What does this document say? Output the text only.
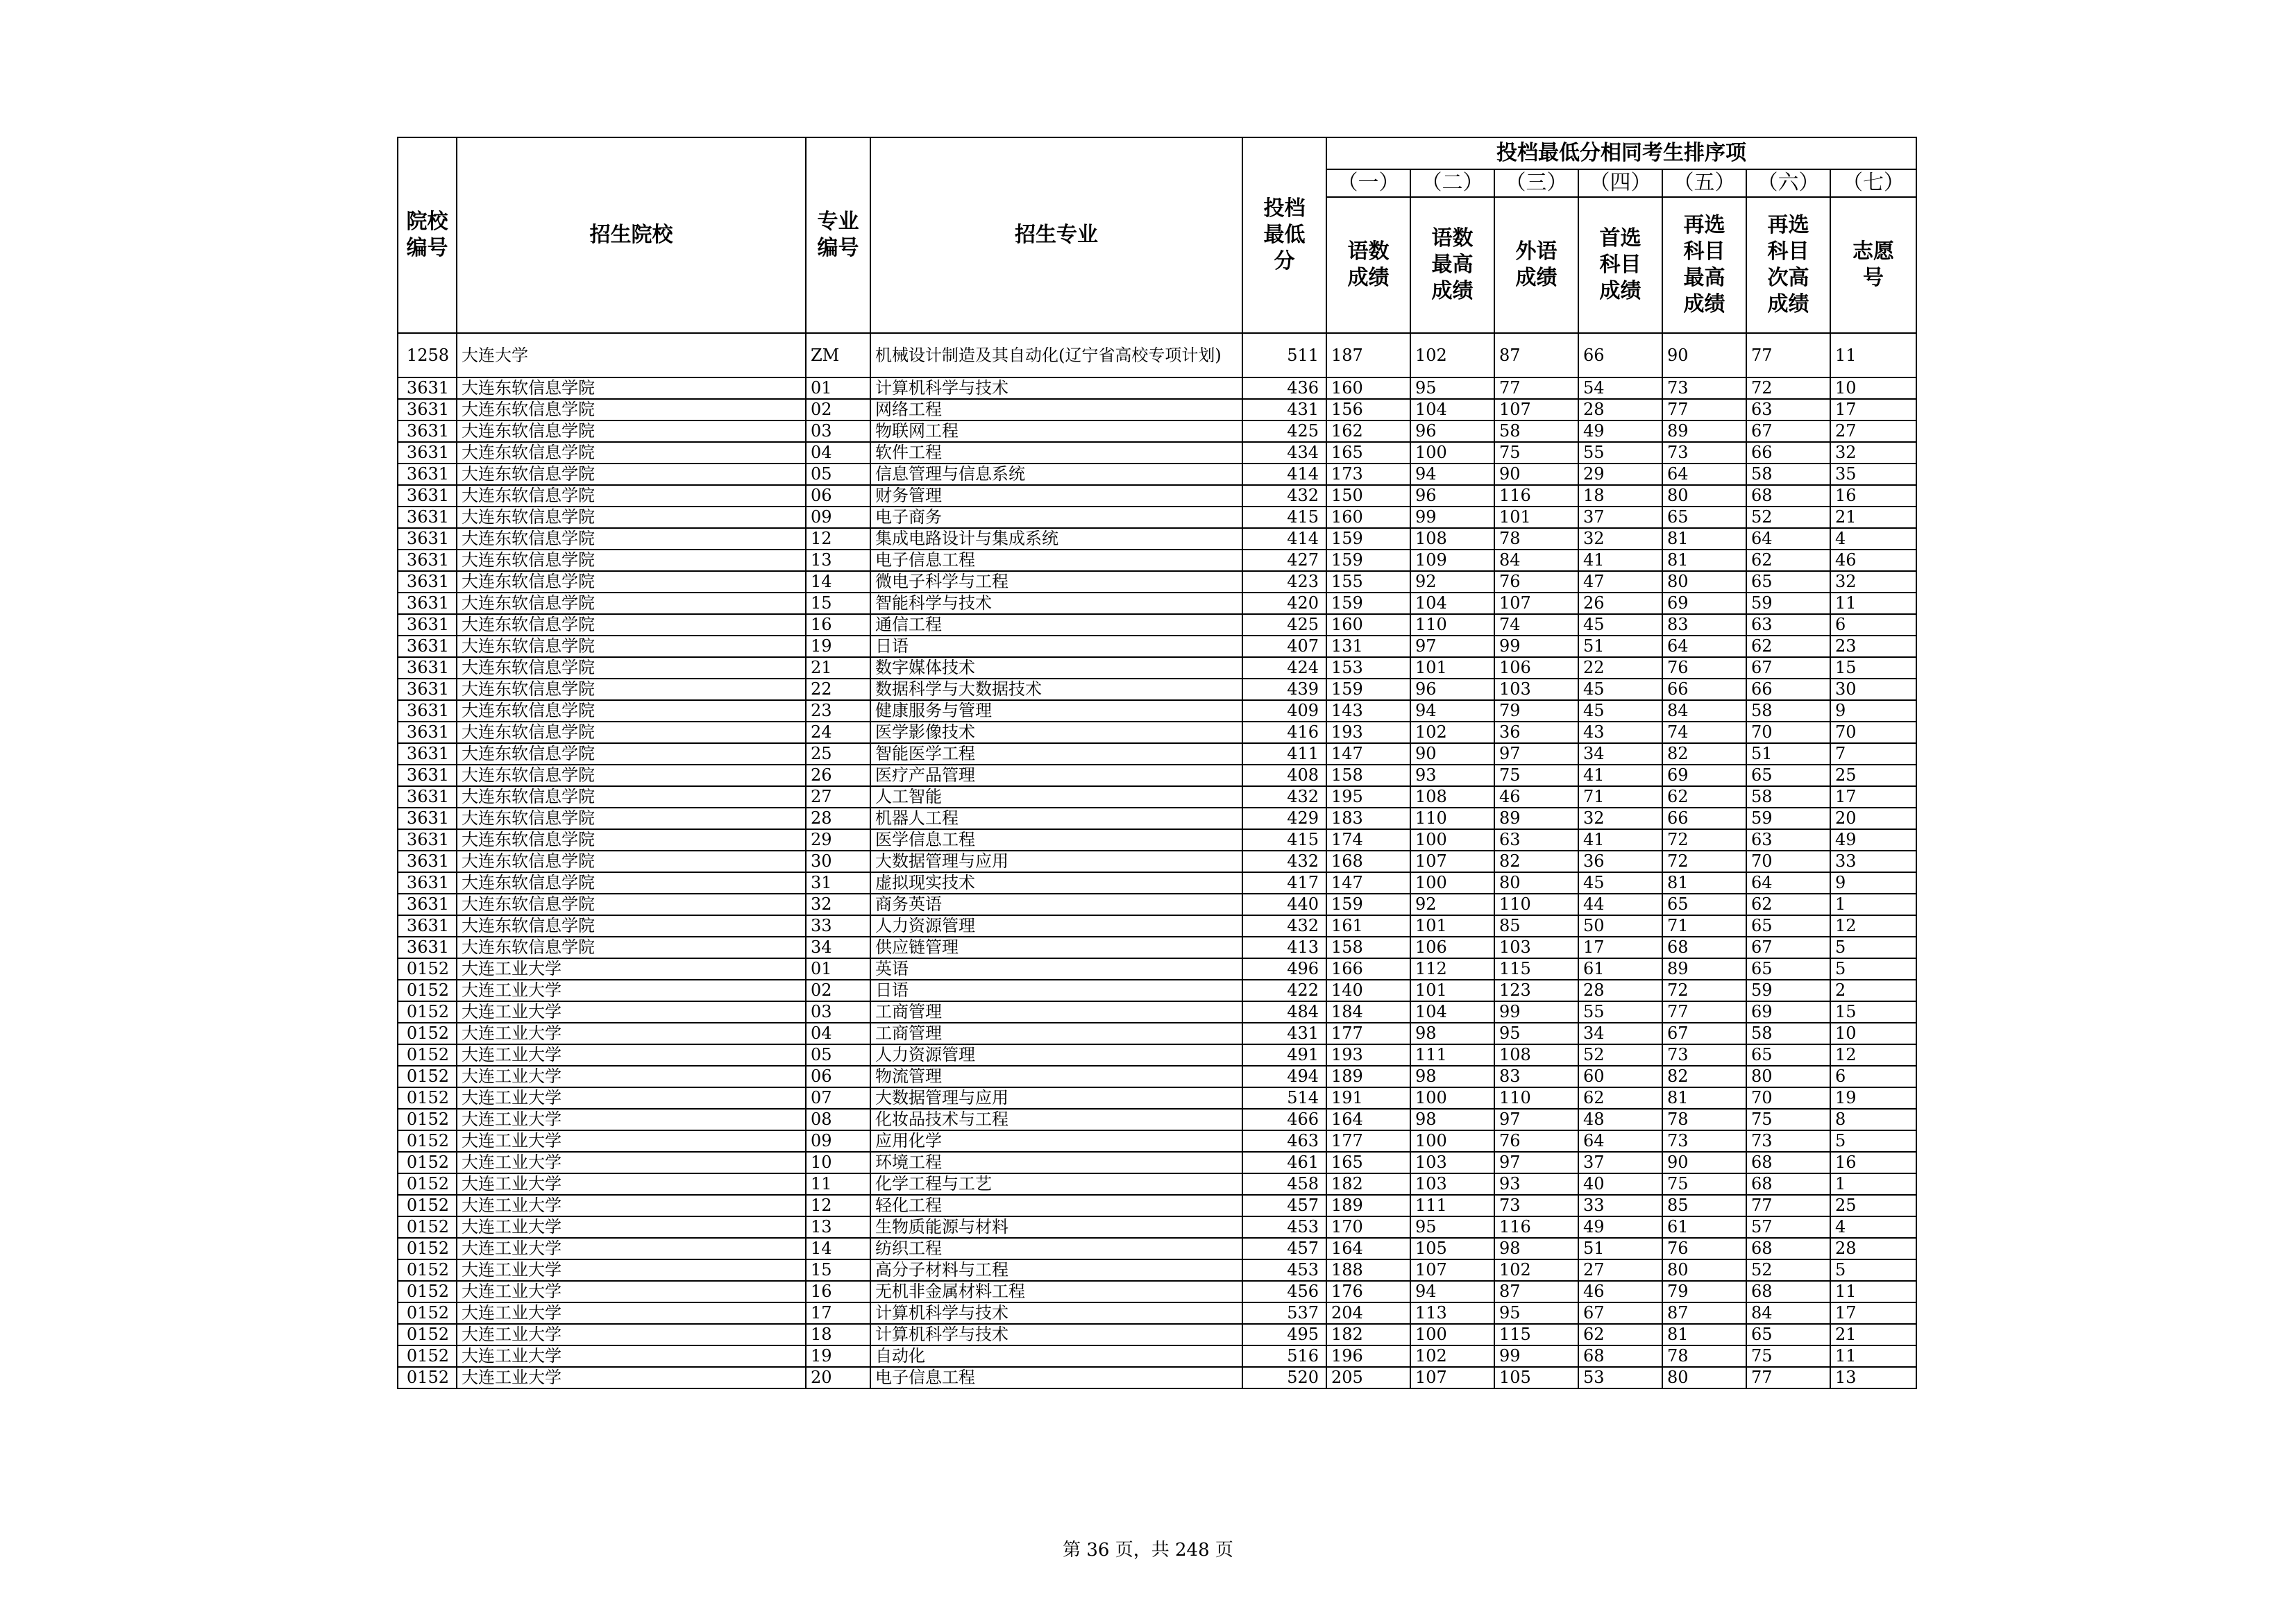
院校编号	招生院校	专业编号	招生专业	投档最低分	投档最低分相同考生排序项						
					（一）	（二）	（三）	（四）	（五）	（六）	（七）
					语数成绩	语数最高成绩	外语成绩	首选科目成绩	再选科目最高成绩	再选科目次高成绩	志愿号
1258	大连大学	ZM	机械设计制造及其自动化(辽宁省高校专项计划)	511	187	102	87	66	90	77	11
3631	大连东软信息学院	01	计算机科学与技术	436	160	95	77	54	73	72	10
3631	大连东软信息学院	02	网络工程	431	156	104	107	28	77	63	17
3631	大连东软信息学院	03	物联网工程	425	162	96	58	49	89	67	27
3631	大连东软信息学院	04	软件工程	434	165	100	75	55	73	66	32
3631	大连东软信息学院	05	信息管理与信息系统	414	173	94	90	29	64	58	35
3631	大连东软信息学院	06	财务管理	432	150	96	116	18	80	68	16
3631	大连东软信息学院	09	电子商务	415	160	99	101	37	65	52	21
3631	大连东软信息学院	12	集成电路设计与集成系统	414	159	108	78	32	81	64	4
3631	大连东软信息学院	13	电子信息工程	427	159	109	84	41	81	62	46
3631	大连东软信息学院	14	微电子科学与工程	423	155	92	76	47	80	65	32
3631	大连东软信息学院	15	智能科学与技术	420	159	104	107	26	69	59	11
3631	大连东软信息学院	16	通信工程	425	160	110	74	45	83	63	6
3631	大连东软信息学院	19	日语	407	131	97	99	51	64	62	23
3631	大连东软信息学院	21	数字媒体技术	424	153	101	106	22	76	67	15
3631	大连东软信息学院	22	数据科学与大数据技术	439	159	96	103	45	66	66	30
3631	大连东软信息学院	23	健康服务与管理	409	143	94	79	45	84	58	9
3631	大连东软信息学院	24	医学影像技术	416	193	102	36	43	74	70	70
3631	大连东软信息学院	25	智能医学工程	411	147	90	97	34	82	51	7
3631	大连东软信息学院	26	医疗产品管理	408	158	93	75	41	69	65	25
3631	大连东软信息学院	27	人工智能	432	195	108	46	71	62	58	17
3631	大连东软信息学院	28	机器人工程	429	183	110	89	32	66	59	20
3631	大连东软信息学院	29	医学信息工程	415	174	100	63	41	72	63	49
3631	大连东软信息学院	30	大数据管理与应用	432	168	107	82	36	72	70	33
3631	大连东软信息学院	31	虚拟现实技术	417	147	100	80	45	81	64	9
3631	大连东软信息学院	32	商务英语	440	159	92	110	44	65	62	1
3631	大连东软信息学院	33	人力资源管理	432	161	101	85	50	71	65	12
3631	大连东软信息学院	34	供应链管理	413	158	106	103	17	68	67	5
0152	大连工业大学	01	英语	496	166	112	115	61	89	65	5
0152	大连工业大学	02	日语	422	140	101	123	28	72	59	2
0152	大连工业大学	03	工商管理	484	184	104	99	55	77	69	15
0152	大连工业大学	04	工商管理	431	177	98	95	34	67	58	10
0152	大连工业大学	05	人力资源管理	491	193	111	108	52	73	65	12
0152	大连工业大学	06	物流管理	494	189	98	83	60	82	80	6
0152	大连工业大学	07	大数据管理与应用	514	191	100	110	62	81	70	19
0152	大连工业大学	08	化妆品技术与工程	466	164	98	97	48	78	75	8
0152	大连工业大学	09	应用化学	463	177	100	76	64	73	73	5
0152	大连工业大学	10	环境工程	461	165	103	97	37	90	68	16
0152	大连工业大学	11	化学工程与工艺	458	182	103	93	40	75	68	1
0152	大连工业大学	12	轻化工程	457	189	111	73	33	85	77	25
0152	大连工业大学	13	生物质能源与材料	453	170	95	116	49	61	57	4
0152	大连工业大学	14	纺织工程	457	164	105	98	51	76	68	28
0152	大连工业大学	15	高分子材料与工程	453	188	107	102	27	80	52	5
0152	大连工业大学	16	无机非金属材料工程	456	176	94	87	46	79	68	11
0152	大连工业大学	17	计算机科学与技术	537	204	113	95	67	87	84	17
0152	大连工业大学	18	计算机科学与技术	495	182	100	115	62	81	65	21
0152	大连工业大学	19	自动化	516	196	102	99	68	78	75	11
0152	大连工业大学	20	电子信息工程	520	205	107	105	53	80	77	13
第 36 页，共 248 页
